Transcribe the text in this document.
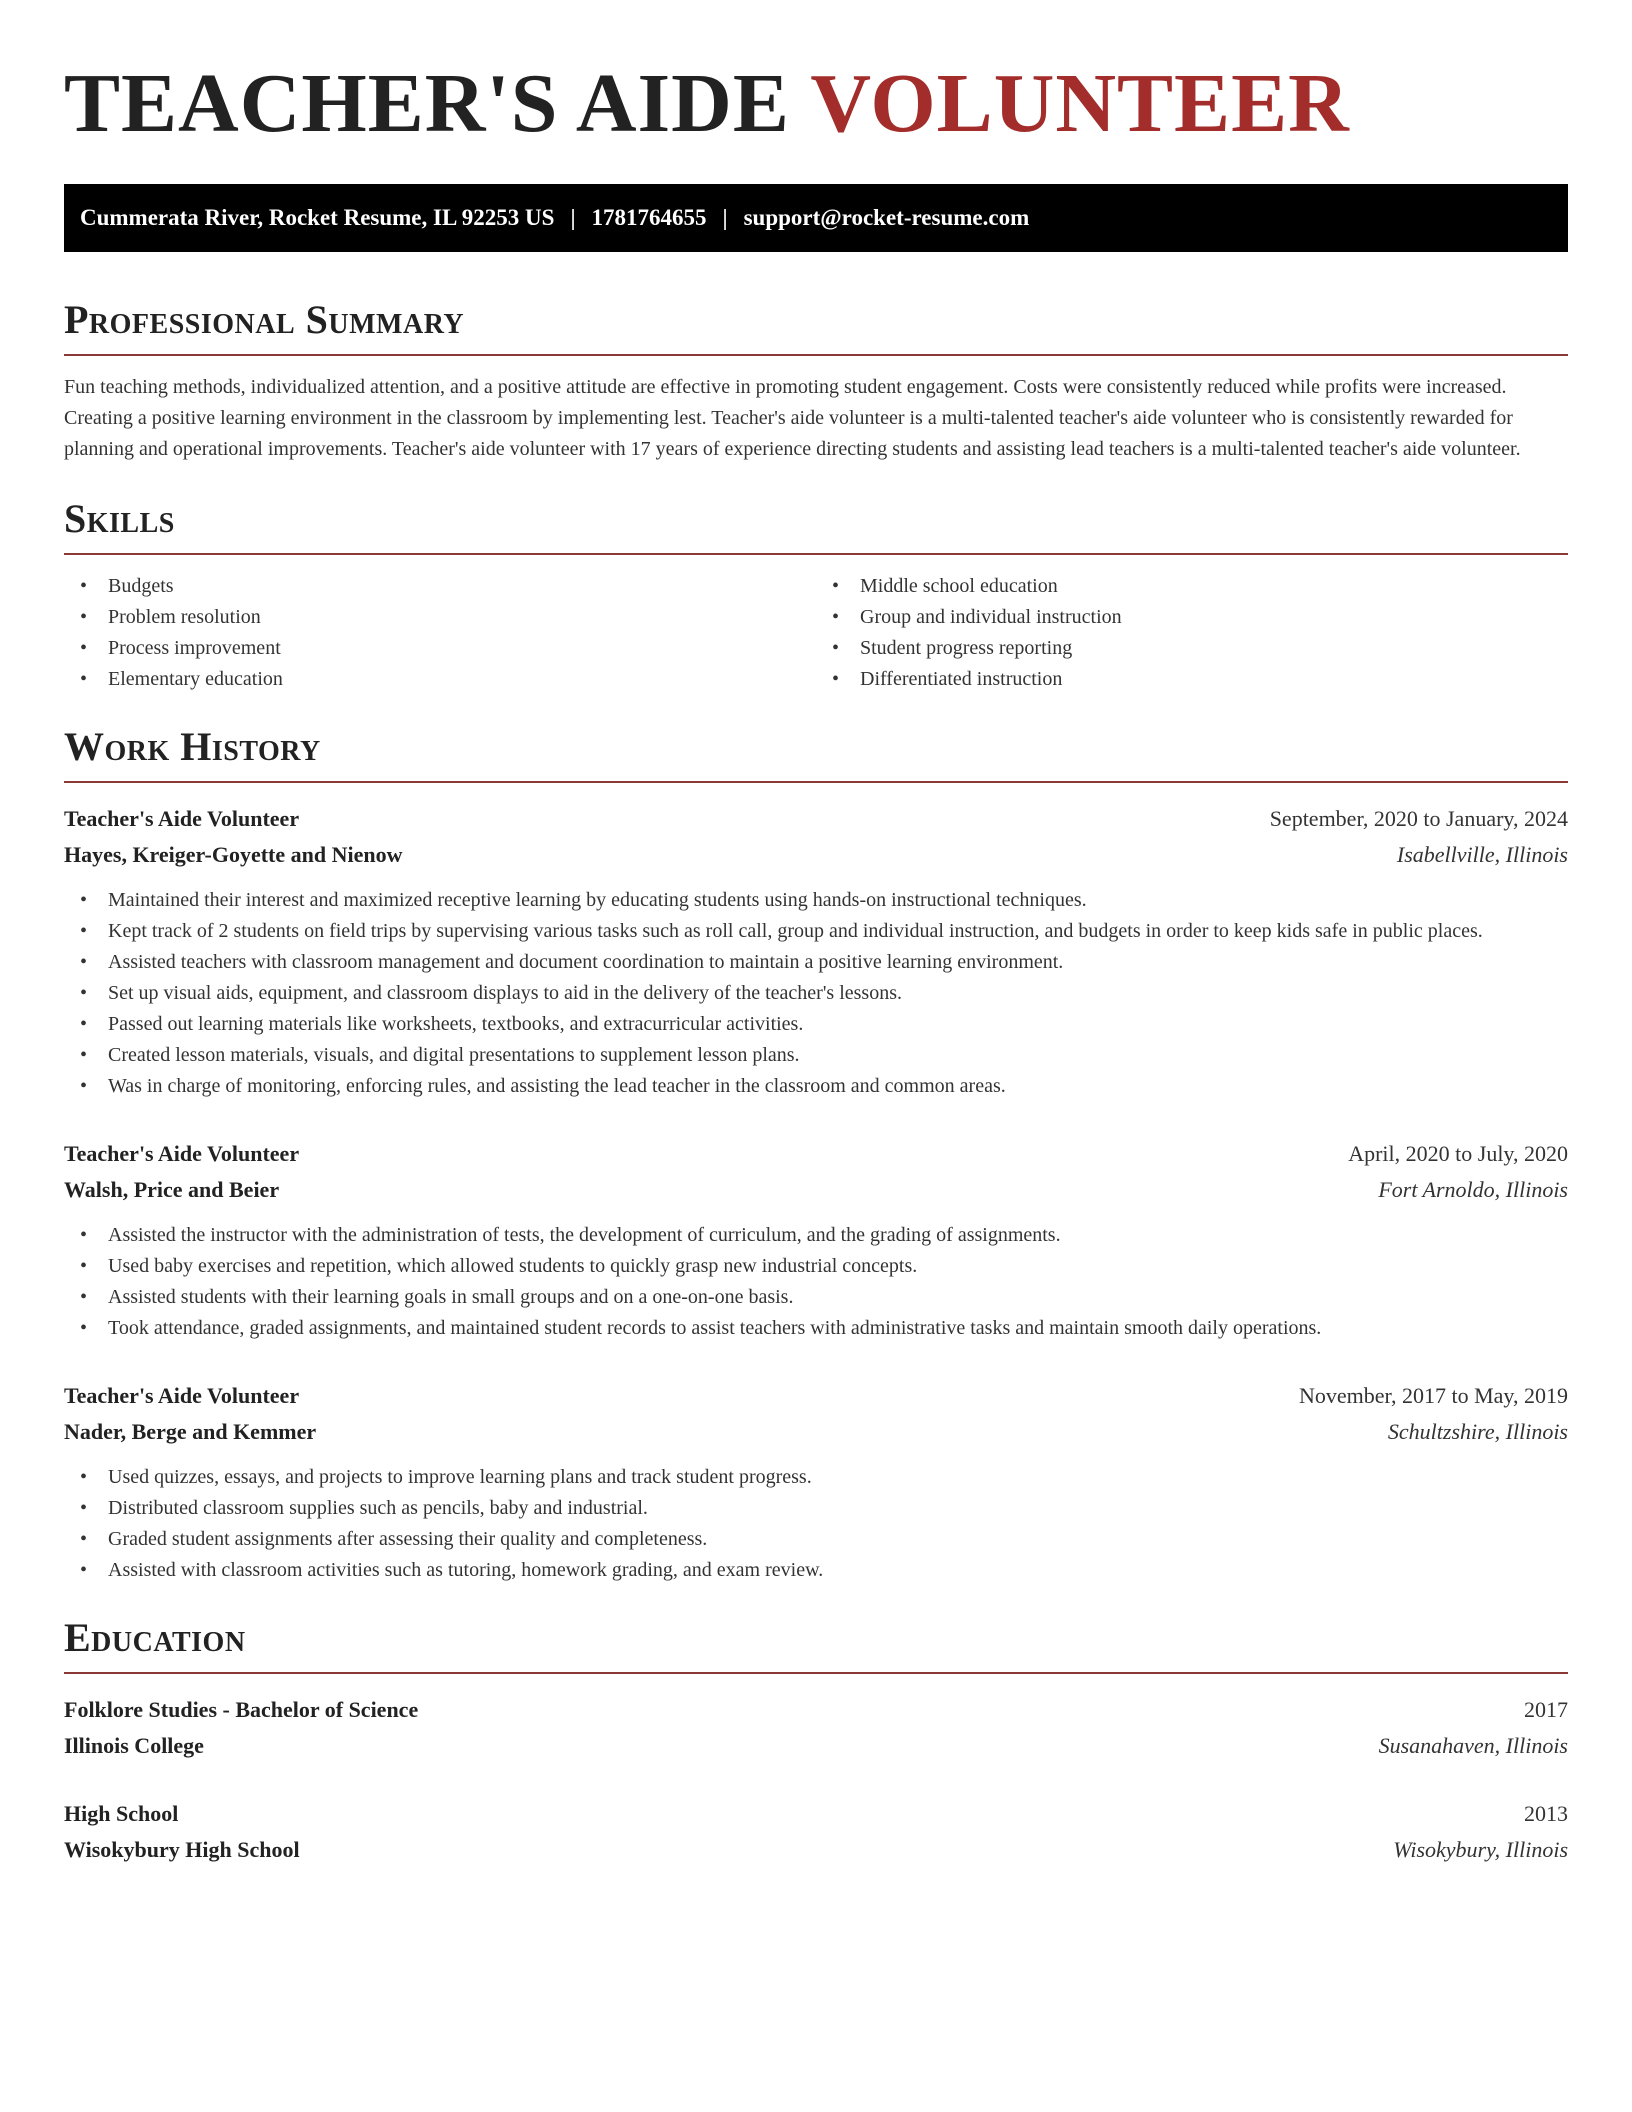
TEACHER'S AIDE VOLUNTEER
Cummerata River, Rocket Resume, IL 92253 US | 1781764655 | support@rocket-resume.com
Professional Summary

Fun teaching methods, individualized attention, and a positive attitude are effective in promoting student engagement. Costs were consistently reduced while profits were increased. Creating a positive learning environment in the classroom by implementing lest. Teacher's aide volunteer is a multi-talented teacher's aide volunteer who is consistently rewarded for planning and operational improvements. Teacher's aide volunteer with 17 years of experience directing students and assisting lead teachers is a multi-talented teacher's aide volunteer.

Skills
• Budgets
• Problem resolution
• Process improvement
• Elementary education
• Middle school education
• Group and individual instruction
• Student progress reporting
• Differentiated instruction
Work History
Teacher's Aide Volunteer	September, 2020 to January, 2024
Hayes, Kreiger-Goyette and Nienow	Isabellville, Illinois
• Maintained their interest and maximized receptive learning by educating students using hands-on instructional techniques.
• Kept track of 2 students on field trips by supervising various tasks such as roll call, group and individual instruction, and budgets in order to keep kids safe in public places.
• Assisted teachers with classroom management and document coordination to maintain a positive learning environment.
• Set up visual aids, equipment, and classroom displays to aid in the delivery of the teacher's lessons.
• Passed out learning materials like worksheets, textbooks, and extracurricular activities.
• Created lesson materials, visuals, and digital presentations to supplement lesson plans.
• Was in charge of monitoring, enforcing rules, and assisting the lead teacher in the classroom and common areas.
Teacher's Aide Volunteer	April, 2020 to July, 2020
Walsh, Price and Beier	Fort Arnoldo, Illinois
• Assisted the instructor with the administration of tests, the development of curriculum, and the grading of assignments.
• Used baby exercises and repetition, which allowed students to quickly grasp new industrial concepts.
• Assisted students with their learning goals in small groups and on a one-on-one basis.
• Took attendance, graded assignments, and maintained student records to assist teachers with administrative tasks and maintain smooth daily operations.
Teacher's Aide Volunteer	November, 2017 to May, 2019
Nader, Berge and Kemmer	Schultzshire, Illinois
• Used quizzes, essays, and projects to improve learning plans and track student progress.
• Distributed classroom supplies such as pencils, baby and industrial.
• Graded student assignments after assessing their quality and completeness.
• Assisted with classroom activities such as tutoring, homework grading, and exam review.
Education
Folklore Studies - Bachelor of Science	2017
Illinois College	Susanahaven, Illinois
High School	2013
Wisokybury High School	Wisokybury, Illinois
